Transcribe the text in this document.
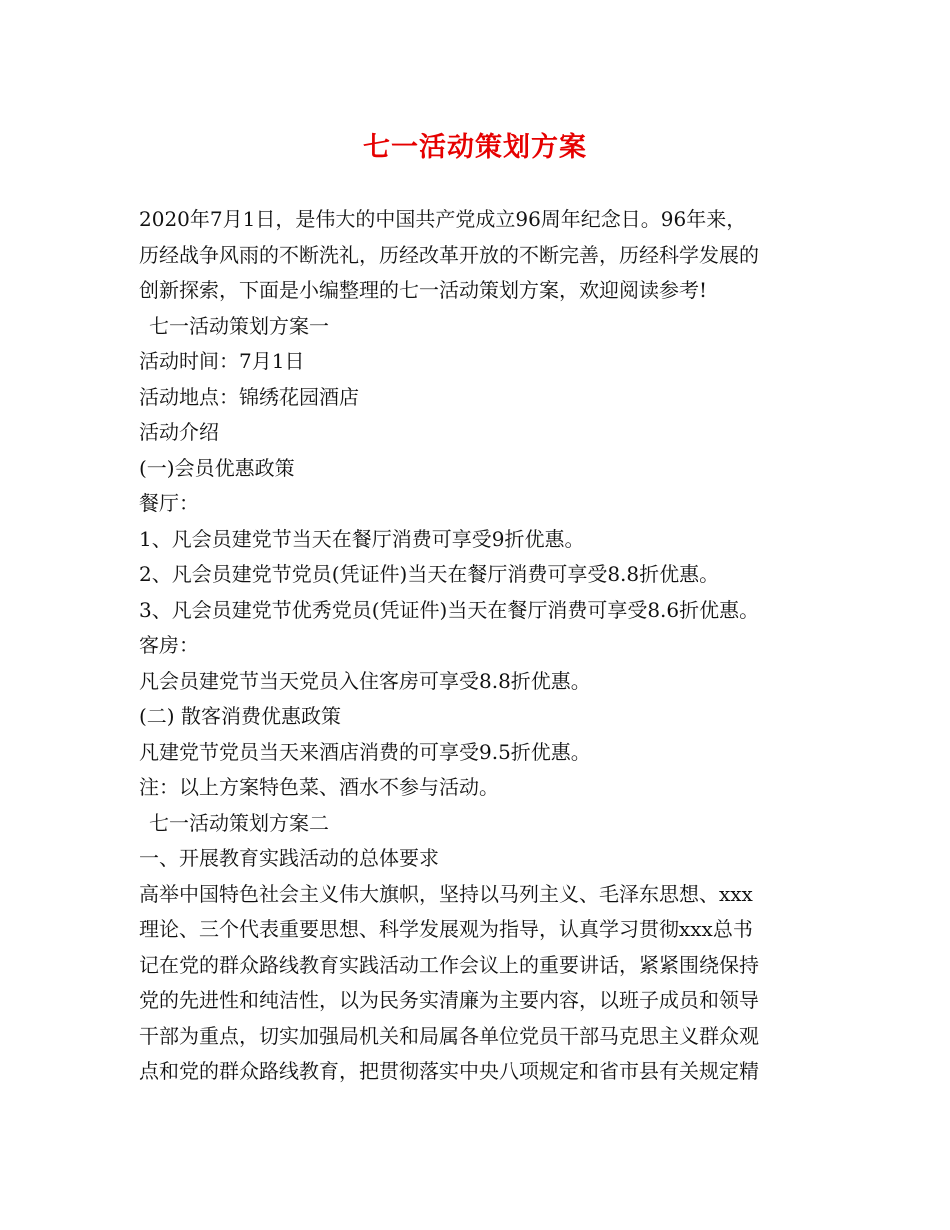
七一活动策划方案
2020年7月1日，是伟大的中国共产党成立96周年纪念日。96年来，
历经战争风雨的不断洗礼，历经改革开放的不断完善，历经科学发展的
创新探索，下面是小编整理的七一活动策划方案，欢迎阅读参考!
七一活动策划方案一
活动时间：7月1日
活动地点：锦绣花园酒店
活动介绍
(一)会员优惠政策
餐厅：
1、凡会员建党节当天在餐厅消费可享受9折优惠。
2、凡会员建党节党员(凭证件)当天在餐厅消费可享受8.8折优惠。
3、凡会员建党节优秀党员(凭证件)当天在餐厅消费可享受8.6折优惠。
客房：
凡会员建党节当天党员入住客房可享受8.8折优惠。
(二) 散客消费优惠政策
凡建党节党员当天来酒店消费的可享受9.5折优惠。
注：以上方案特色菜、酒水不参与活动。
七一活动策划方案二
一、开展教育实践活动的总体要求
高举中国特色社会主义伟大旗帜，坚持以马列主义、毛泽东思想、xxx
理论、三个代表重要思想、科学发展观为指导，认真学习贯彻xxx总书
记在党的群众路线教育实践活动工作会议上的重要讲话，紧紧围绕保持
党的先进性和纯洁性，以为民务实清廉为主要内容，以班子成员和领导
干部为重点，切实加强局机关和局属各单位党员干部马克思主义群众观
点和党的群众路线教育，把贯彻落实中央八项规定和省市县有关规定精
